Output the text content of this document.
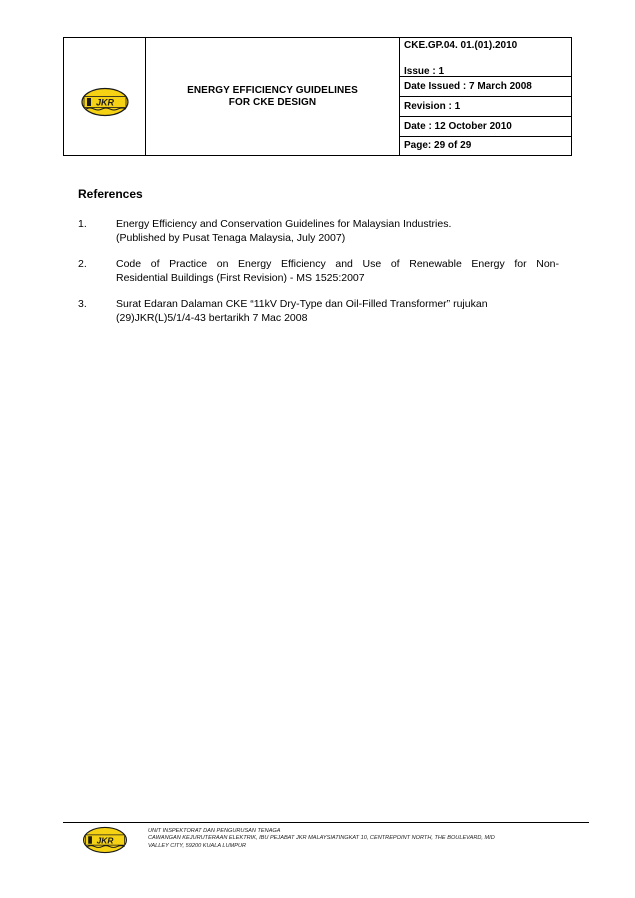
JKR
ENERGY EFFICIENCY GUIDELINES
FOR CKE DESIGN
CKE.GP.04. 01.(01).2010
Issue : 1
Date Issued : 7 March 2008
Revision : 1
Date : 12 October 2010
Page: 29 of 29
References
1.	Energy Efficiency and Conservation Guidelines for Malaysian Industries.
(Published by Pusat Tenaga Malaysia, July 2007)
2.	Code of Practice on Energy Efficiency and Use of Renewable Energy for Non-
Residential Buildings (First Revision) - MS 1525:2007
3.	Surat Edaran Dalaman CKE “11kV Dry-Type dan Oil-Filled Transformer” rujukan
(29)JKR(L)5/1/4-43 bertarikh 7 Mac 2008
JKR
UNIT INSPEKTORAT DAN PENGURUSAN TENAGA
CAWANGAN KEJURUTERAAN ELEKTRIK, IBU PEJABAT JKR MALAYSIATINGKAT 10, CENTREPOINT NORTH, THE BOULEVARD, MID
VALLEY CITY, 59200 KUALA LUMPUR
